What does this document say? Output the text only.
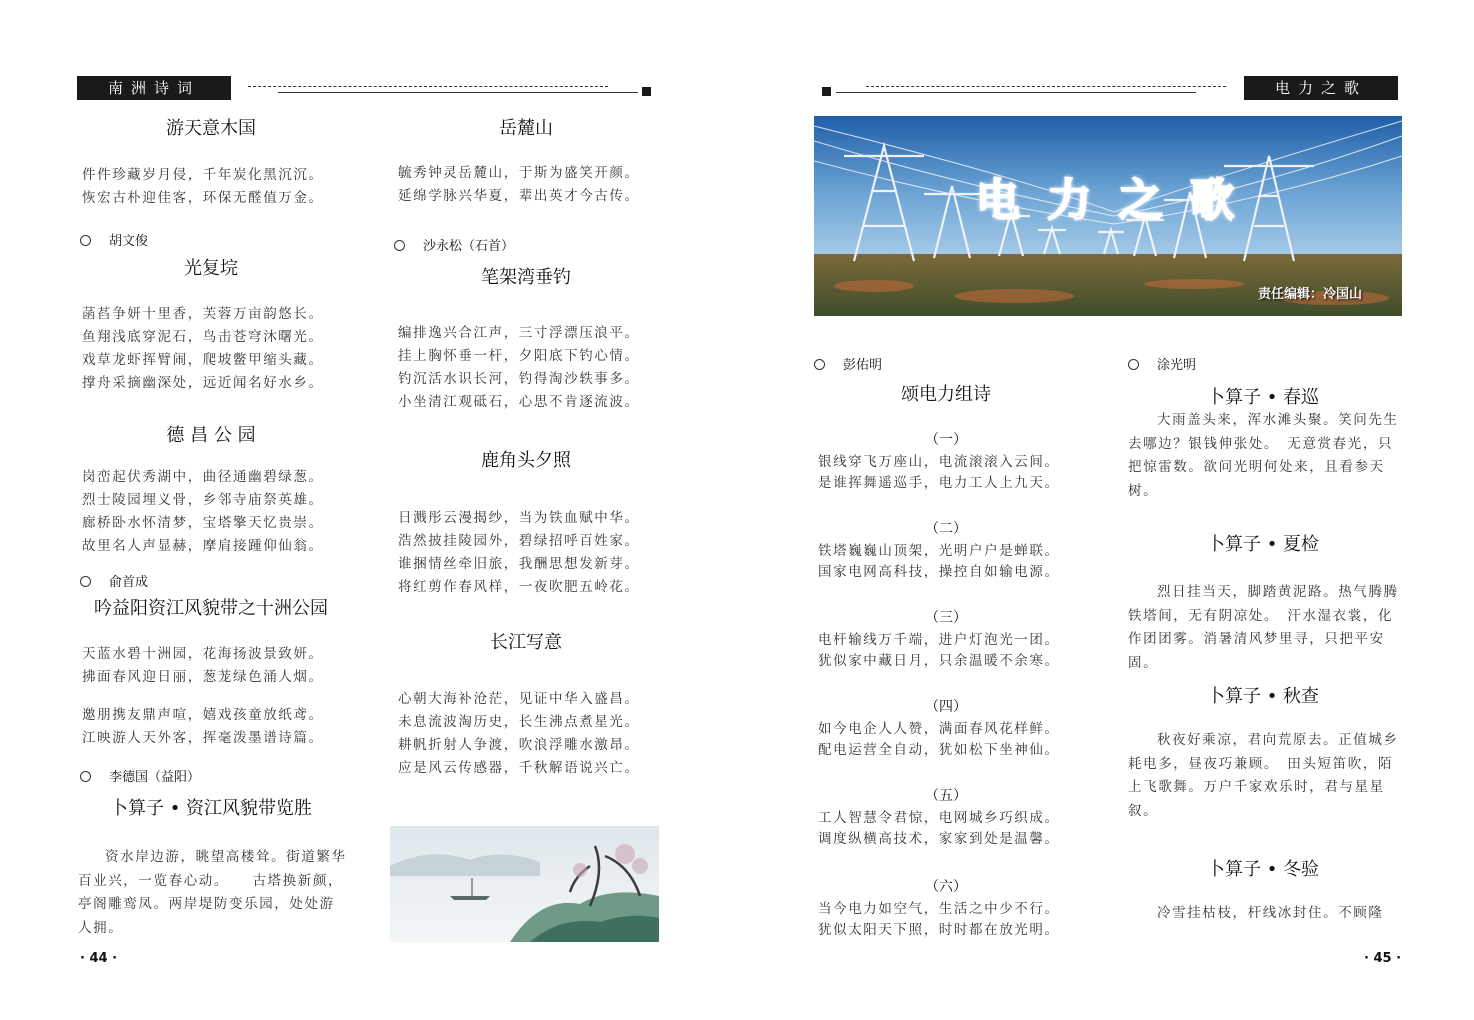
南洲诗词	电力之歌
游天意木国
件件珍藏岁月侵，千年炭化黑沉沉。
恢宏古朴迎佳客，环保无醛值万金。
胡文俊
光复垸
菡萏争妍十里香，芙蓉万亩韵悠长。
鱼翔浅底穿泥石，鸟击苍穹沐曙光。
戏草龙虾挥臂闹，爬坡鳖甲缩头藏。
撑舟采摘幽深处，远近闻名好水乡。
德 昌 公 园
岗峦起伏秀湖中，曲径通幽碧绿葱。
烈士陵园埋义骨，乡邻寺庙祭英雄。
廊桥卧水怀清梦，宝塔擎天忆贵崇。
故里名人声显赫，摩肩接踵仰仙翁。
俞首成
吟益阳资江风貌带之十洲公园
天蓝水碧十洲园，花海扬波景致妍。
拂面春风迎日丽，葱茏绿色涌人烟。
邀朋携友鼎声喧，嬉戏孩童放纸鸢。
江映游人天外客，挥毫泼墨谱诗篇。
李德国（益阳）
卜算子 • 资江风貌带览胜
资水岸边游，眺望高楼耸。街道繁华百业兴，一览春心动。　　古塔换新颜，亭阁雕鸾凤。两岸堤防变乐园，处处游人拥。
· 44 ·
岳麓山
毓秀钟灵岳麓山，于斯为盛笑开颜。
延绵学脉兴华夏，辈出英才今古传。
沙永松（石首）
笔架湾垂钓
编排逸兴合江声，三寸浮漂压浪平。
挂上胸怀垂一杆，夕阳底下钓心情。
钓沉活水识长河，钓得淘沙轶事多。
小坐清江观砥石，心思不肯逐流波。
鹿角头夕照
日溅彤云漫揭纱，当为铁血赋中华。
浩然披挂陵园外，碧绿招呼百姓家。
谁捆情丝牵旧旅，我酬思想发新芽。
将红剪作春风样，一夜吹肥五岭花。
长江写意
心朝大海补沧茫，见证中华入盛昌。
未息流波淘历史，长生沸点煮星光。
耕帆折射人争渡，吹浪浮雕水激昂。
应是风云传感器，千秋解语说兴亡。
电 力 之 歌
责任编辑：冷国山
彭佑明
颂电力组诗
（一）
银线穿飞万座山，电流滚滚入云间。
是谁挥舞遥巡手，电力工人上九天。
（二）
铁塔巍巍山顶架，光明户户是蝉联。
国家电网高科技，操控自如输电源。
（三）
电杆输线万千端，进户灯泡光一团。
犹似家中藏日月，只余温暖不余寒。
（四）
如今电企人人赞，满面春风花样鲜。
配电运营全自动，犹如松下坐神仙。
（五）
工人智慧令君惊，电网城乡巧织成。
调度纵横高技术，家家到处是温馨。
（六）
当今电力如空气，生活之中少不行。
犹似太阳天下照，时时都在放光明。
涂光明
卜算子 • 春巡
大雨盖头来，浑水滩头聚。笑问先生去哪边？银钱伸张处。　无意赏春光，只把惊雷数。欲问光明何处来，且看参天树。
卜算子 • 夏检
烈日挂当天，脚踏黄泥路。热气腾腾铁塔间，无有阴凉处。　汗水湿衣裳，化作团团雾。消暑清风梦里寻，只把平安固。
卜算子 • 秋查
秋夜好乘凉，君向荒原去。正值城乡耗电多，昼夜巧兼顾。　田头短笛吹，陌上飞歌舞。万户千家欢乐时，君与星星叙。
卜算子 • 冬验
冷雪挂枯枝，杆线冰封住。不顾隆
· 45 ·
